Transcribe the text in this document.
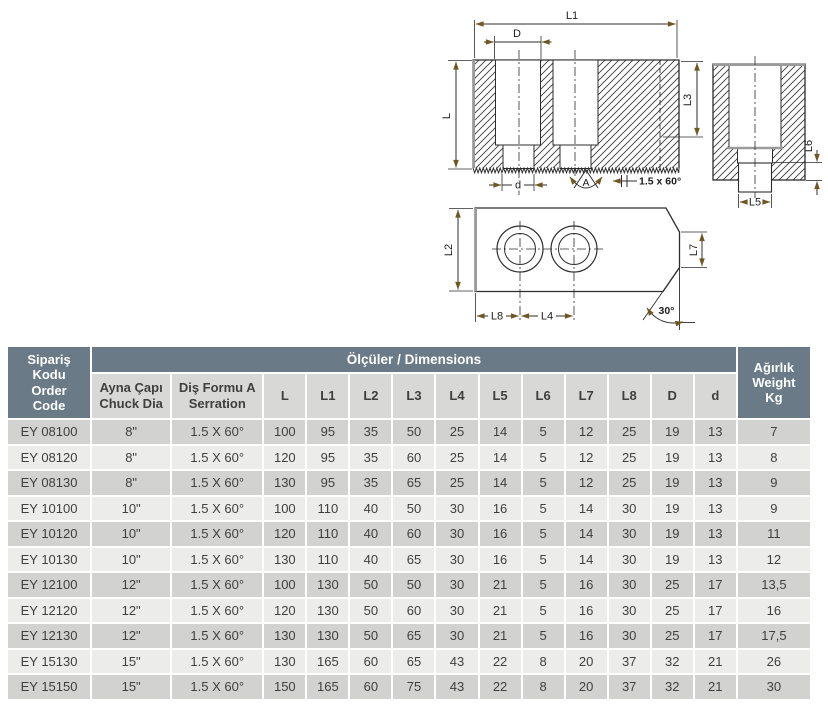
L1
D
L
L3
d	A	1.5 x 60°
L6
L5
L2	L7
L8	L4	30°
Sipariş
Kodu
Order
Code	Ölçüler / Dimensions													Ağırlık
Weight
Kg
	Ayna Çapı
Chuck Dia	Diş Formu A
Serration	L	L1	L2	L3	L4	L5	L6	L7	L8	D	d	
EY 08100	8"	1.5 X 60°	100	95	35	50	25	14	5	12	25	19	13	7
EY 08120	8"	1.5 X 60°	120	95	35	60	25	14	5	12	25	19	13	8
EY 08130	8"	1.5 X 60°	130	95	35	65	25	14	5	12	25	19	13	9
EY 10100	10"	1.5 X 60°	100	110	40	50	30	16	5	14	30	19	13	9
EY 10120	10"	1.5 X 60°	120	110	40	60	30	16	5	14	30	19	13	11
EY 10130	10"	1.5 X 60°	130	110	40	65	30	16	5	14	30	19	13	12
EY 12100	12"	1.5 X 60°	100	130	50	50	30	21	5	16	30	25	17	13,5
EY 12120	12"	1.5 X 60°	120	130	50	60	30	21	5	16	30	25	17	16
EY 12130	12"	1.5 X 60°	130	130	50	65	30	21	5	16	30	25	17	17,5
EY 15130	15"	1.5 X 60°	130	165	60	65	43	22	8	20	37	32	21	26
EY 15150	15"	1.5 X 60°	150	165	60	75	43	22	8	20	37	32	21	30
